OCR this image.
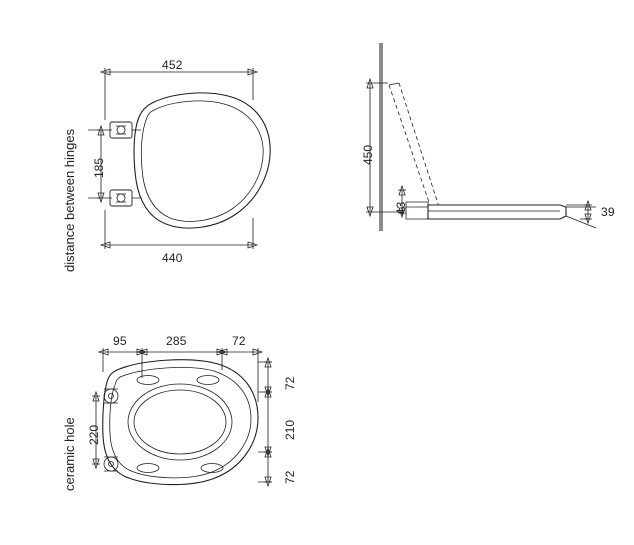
452
440
185
distance between hinges	450
43	39
95	285	72
220
72
210
72
ceramic hole
